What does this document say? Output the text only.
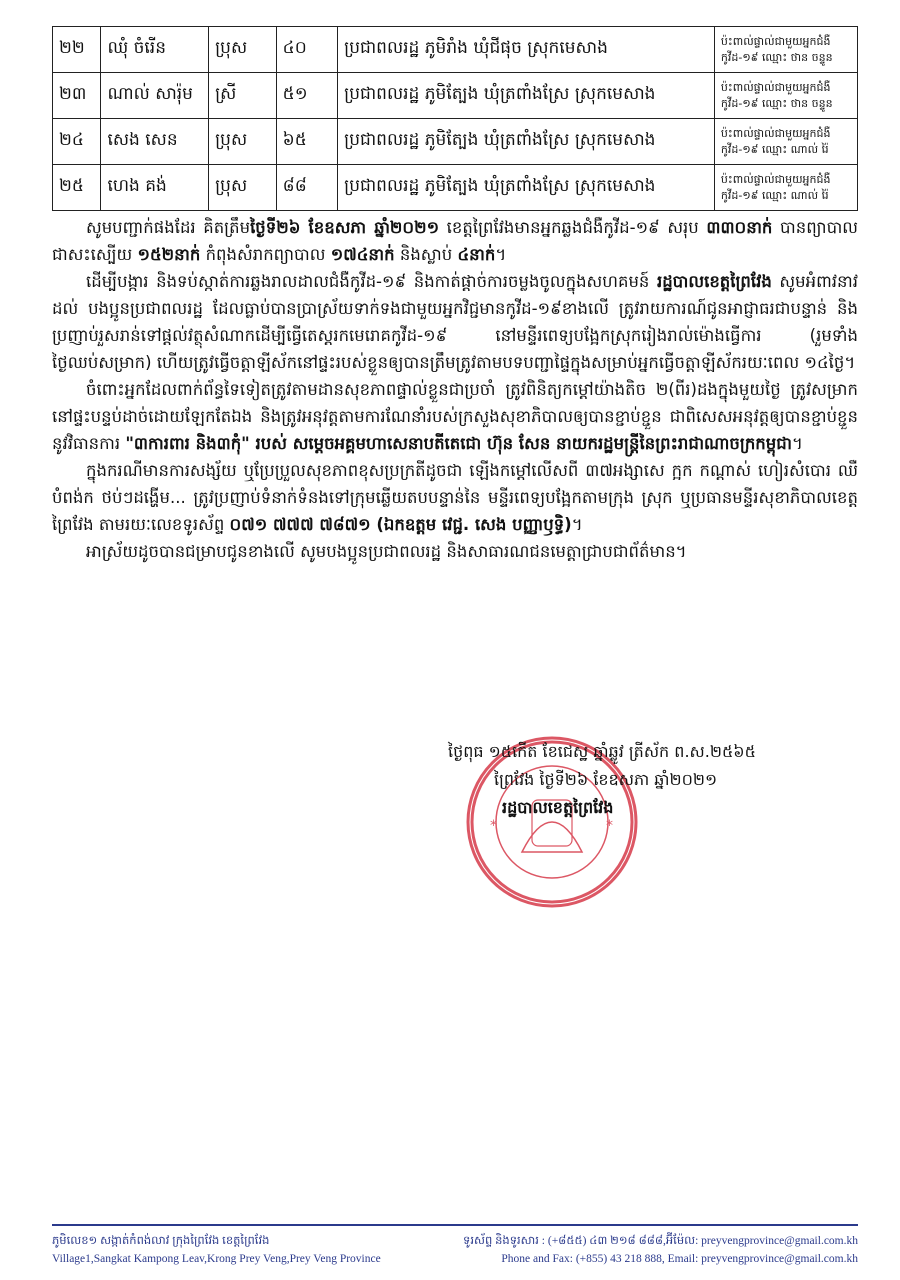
២២	ឈុំ ចំរើន	ប្រុស	៤០	ប្រជាពលរដ្ឋ ភូមិរាំង ឃុំជីផុច ស្រុកមេសាង	ប៉ះពាល់ផ្ទាល់ជាមួយអ្នកជំងឺ
កូវីដ-១៩ ឈ្មោះ ថាន ចន្ទូន

២៣	ណាល់ សារ៉ុម	ស្រី	៥១	ប្រជាពលរដ្ឋ ភូមិត្បែង ឃុំត្រពាំងស្រែ ស្រុកមេសាង	ប៉ះពាល់ផ្ទាល់ជាមួយអ្នកជំងឺ
កូវីដ-១៩ ឈ្មោះ ថាន ចន្ទូន

២៤	សេង សេន	ប្រុស	៦៥	ប្រជាពលរដ្ឋ ភូមិត្បែង ឃុំត្រពាំងស្រែ ស្រុកមេសាង	ប៉ះពាល់ផ្ទាល់ជាមួយអ្នកជំងឺ
កូវីដ-១៩ ឈ្មោះ ណាល់ រ៉ៃ

២៥	ហេង គង់	ប្រុស	៨៨	ប្រជាពលរដ្ឋ ភូមិត្បែង ឃុំត្រពាំងស្រែ ស្រុកមេសាង	ប៉ះពាល់ផ្ទាល់ជាមួយអ្នកជំងឺ
កូវីដ-១៩ ឈ្មោះ ណាល់ រ៉ៃ

សូមបញ្ជាក់ផងដែរ គិតត្រឹមថ្ងៃទី២៦ ខែឧសភា ឆ្នាំ២០២១ ខេត្តព្រៃវែងមានអ្នកឆ្លងជំងឺកូវីដ-១៩ សរុប ៣៣០នាក់ បានព្យាបាល ជាសះស្បើយ ១៥២នាក់ កំពុងសំរាកព្យាបាល ១៧៤នាក់ និងស្លាប់ ៤នាក់។

ដើម្បីបង្ការ និងទប់ស្កាត់ការឆ្លងរាលដាលជំងឺកូវីដ-១៩ និងកាត់ផ្តាច់ការចម្លងចូលក្នុងសហគមន៍ រដ្ឋបាលខេត្តព្រៃវែង សូមអំពាវនាវដល់ បងប្អូនប្រជាពលរដ្ឋ ដែលធ្លាប់បានប្រាស្រ័យទាក់ទងជាមួយអ្នកវិជ្ជមានកូវីដ-១៩ខាងលើ ត្រូវរាយការណ៍ជូនអាជ្ញាធរជាបន្ទាន់ និងប្រញាប់រួសរាន់ទៅផ្តល់វត្ថុសំណាកដើម្បីធ្វើតេស្តរកមេរោគកូវីដ-១៩ នៅមន្ទីរពេទ្យបង្អែកស្រុករៀងរាល់ម៉ោងធ្វើការ (រួមទាំងថ្ងៃឈប់សម្រាក) ហើយត្រូវធ្វើចត្តាឡីស័កនៅផ្ទះរបស់ខ្លួនឲ្យបានត្រឹមត្រូវតាមបទបញ្ជាផ្ទៃក្នុងសម្រាប់អ្នកធ្វើចត្តាឡីស័ករយៈពេល ១៤ថ្ងៃ។

ចំពោះអ្នកដែលពាក់ព័ន្ធទៃទៀតត្រូវតាមដានសុខភាពផ្ទាល់ខ្លួនជាប្រចាំ ត្រូវពិនិត្យកម្តៅយ៉ាងតិច ២(ពីរ)ដងក្នុងមួយថ្ងៃ ត្រូវសម្រាកនៅផ្ទះបន្ទប់ដាច់ដោយឡែកតែឯង និងត្រូវអនុវត្តតាមការណែនាំរបស់ក្រសួងសុខាភិបាលឲ្យបានខ្ជាប់ខ្ជួន ជាពិសេសអនុវត្តឲ្យបានខ្ជាប់ខ្ជួននូវវិធានការ "៣ការពារ និង៣កុំ" របស់ សម្តេចអគ្គមហាសេនាបតីតេជោ ហ៊ុន សែន នាយករដ្ឋមន្ត្រីនៃព្រះរាជាណាចក្រកម្ពុជា។

ក្នុងករណីមានការសង្ស័យ ឬប្រែប្រួលសុខភាពខុសប្រក្រតីដូចជា ឡើងកម្តៅលើសពី ៣៧អង្សាសេ ក្អក កណ្តាស់ ហៀរសំបោរ ឈឺបំពង់ក ថប់ៗដង្ហើម... ត្រូវប្រញាប់ទំនាក់ទំនងទៅក្រុមឆ្លើយតបបន្ទាន់នៃ មន្ទីរពេទ្យបង្អែកតាមក្រុង ស្រុក ឬប្រធានមន្ទីរសុខាភិបាលខេត្តព្រៃវែង តាមរយៈលេខទូរស័ព្ទ ០៧១ ៧៧៧ ៧៨៧១ (ឯកឧត្តម វេជ្ជ. សេង បញ្ញាឫទ្ធិ)។

អាស្រ័យដូចបានជម្រាបជូនខាងលើ សូមបងប្អូនប្រជាពលរដ្ឋ និងសាធារណជនមេត្តាជ្រាបជាព័ត៌មាន។

*	*
ថ្ងៃពុធ ១៥កើត ខែជេស្ឋ ឆ្នាំឆ្លូវ ត្រីស័ក ព.ស.២៥៦៥
ព្រៃវែង ថ្ងៃទី២៦ ខែឧសភា ឆ្នាំ២០២១
រដ្ឋបាលខេត្តព្រៃវែង
ភូមិលេខ១ សង្កាត់កំពង់លាវ ក្រុងព្រៃវែង ខេត្តព្រៃវែង
Village1,Sangkat Kampong Leav,Krong Prey Veng,Prey Veng Province
ទូរស័ព្ទ និងទូរសារ : (+៨៥៥) ៤៣ ២១៨ ៨៨៨,អ៊ីម៉ែល: preyvengprovince@gmail.com.kh
Phone and Fax: (+855) 43 218 888, Email: preyvengprovince@gmail.com.kh
